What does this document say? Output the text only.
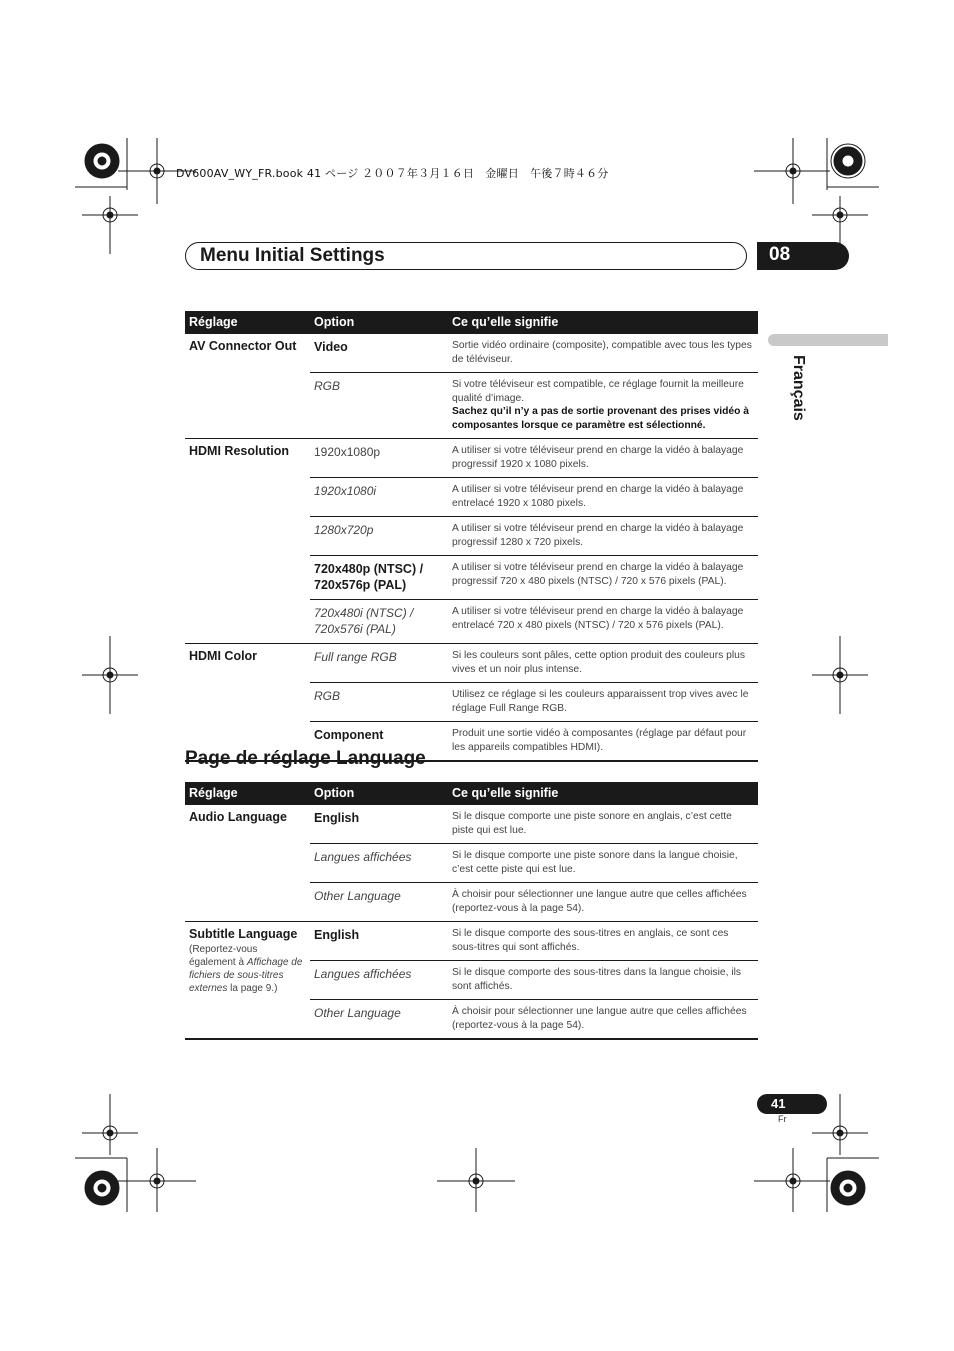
DV600AV_WY_FR.book 41 ページ ２００７年３月１６日　金曜日　午後７時４６分
Menu Initial Settings	08
Français
Réglage	Option	Ce qu’elle signifie
AV Connector Out	Video	Sortie vidéo ordinaire (composite), compatible avec tous les types de téléviseur.
	RGB	Si votre téléviseur est compatible, ce réglage fournit la meilleure qualité d’image.
Sachez qu’il n’y a pas de sortie provenant des prises vidéo à composantes lorsque ce paramètre est sélectionné.
HDMI Resolution	1920x1080p	A utiliser si votre téléviseur prend en charge la vidéo à balayage progressif 1920 x 1080 pixels.
	1920x1080i	A utiliser si votre téléviseur prend en charge la vidéo à balayage entrelacé 1920 x 1080 pixels.
	1280x720p	A utiliser si votre téléviseur prend en charge la vidéo à balayage progressif 1280 x 720 pixels.
	720x480p (NTSC) /
720x576p (PAL)	A utiliser si votre téléviseur prend en charge la vidéo à balayage progressif 720 x 480 pixels (NTSC) / 720 x 576 pixels (PAL).
	720x480i (NTSC) /
720x576i (PAL)	A utiliser si votre téléviseur prend en charge la vidéo à balayage entrelacé 720 x 480 pixels (NTSC) / 720 x 576 pixels (PAL).
HDMI Color	Full range RGB	Si les couleurs sont pâles, cette option produit des couleurs plus vives et un noir plus intense.
	RGB	Utilisez ce réglage si les couleurs apparaissent trop vives avec le réglage Full Range RGB.
	Component	Produit une sortie vidéo à composantes (réglage par défaut pour les appareils compatibles HDMI).
Page de réglage Language
Réglage	Option	Ce qu’elle signifie
Audio Language	English	Si le disque comporte une piste sonore en anglais, c’est cette piste qui est lue.
	Langues affichées	Si le disque comporte une piste sonore dans la langue choisie, c’est cette piste qui est lue.
	Other Language	À choisir pour sélectionner une langue autre que celles affichées (reportez-vous à la page 54).
Subtitle Language
(Reportez-vous également à Affichage de fichiers de sous-titres externes la page 9.)	English	Si le disque comporte des sous-titres en anglais, ce sont ces sous-titres qui sont affichés.
	Langues affichées	Si le disque comporte des sous-titres dans la langue choisie, ils sont affichés.
	Other Language	À choisir pour sélectionner une langue autre que celles affichées (reportez-vous à la page 54).
41
Fr
